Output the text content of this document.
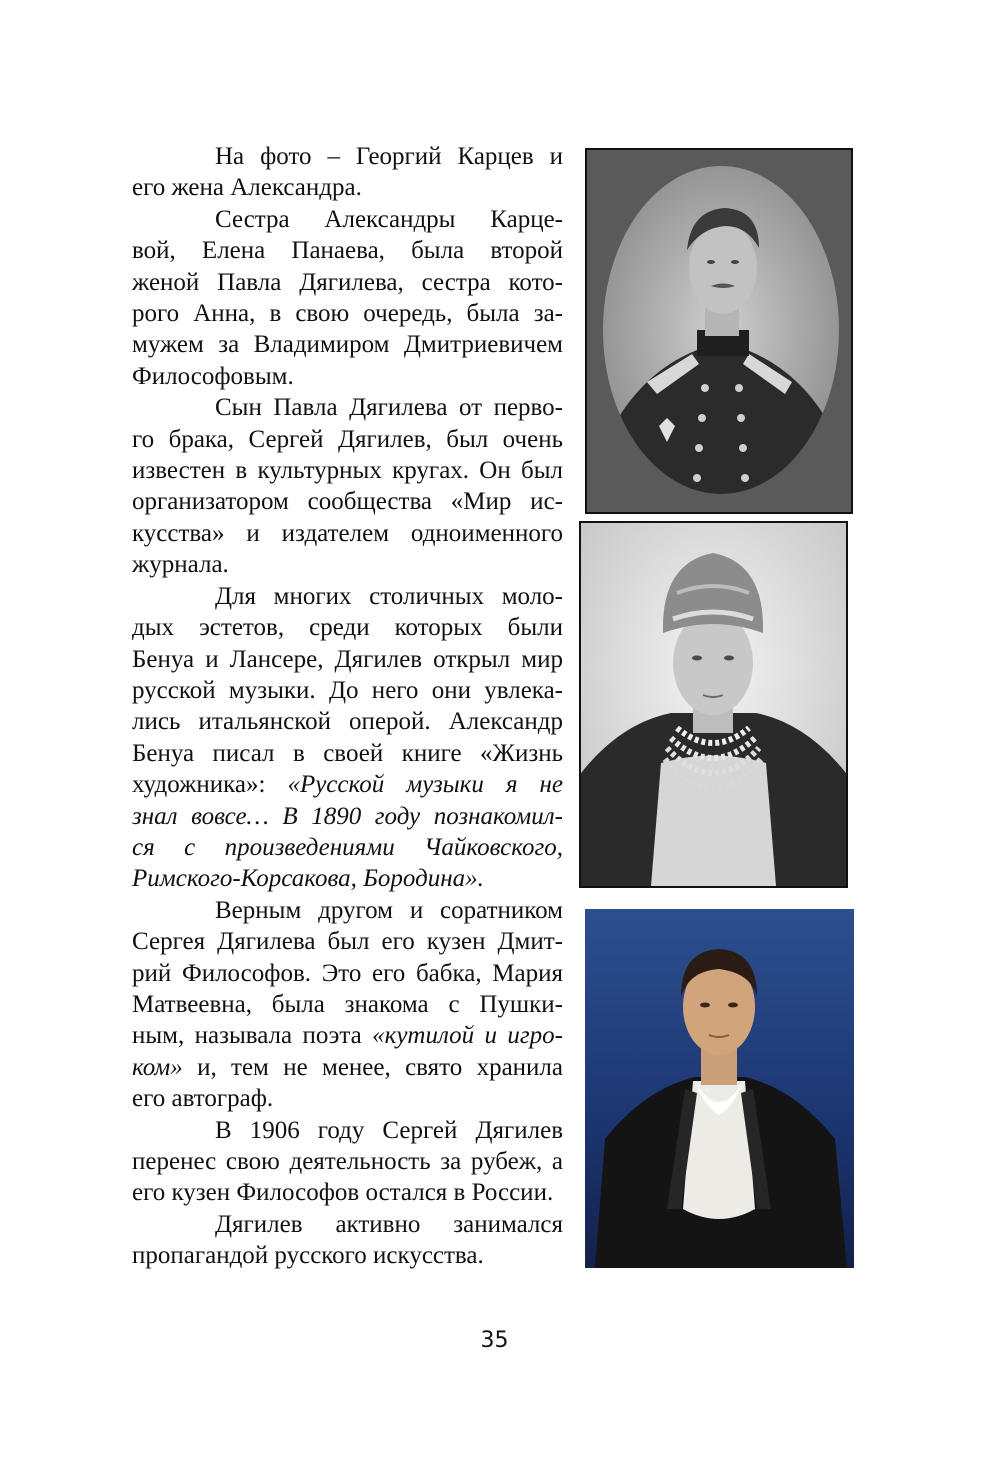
На фото – Георгий Карцев и
его жена Александра.

Сестра Александры Карце-
вой, Елена Панаева, была второй
женой Павла Дягилева, сестра кото-
рого Анна, в свою очередь, была за-
мужем за Владимиром Дмитриевичем
Философовым.

Сын Павла Дягилева от перво-
го брака, Сергей Дягилев, был очень
известен в культурных кругах. Он был
организатором сообщества «Мир ис-
кусства» и издателем одноименного
журнала.

Для многих столичных моло-
дых эстетов, среди которых были
Бенуа и Лансере, Дягилев открыл мир
русской музыки. До него они увлека-
лись итальянской оперой. Александр
Бенуа писал в своей книге «Жизнь
художника»: «Русской музыки я не
знал вовсе… В 1890 году познакомил-
ся с произведениями Чайковского,
Римского-Корсакова, Бородина».

Верным другом и соратником
Сергея Дягилева был его кузен Дмит-
рий Философов. Это его бабка, Мария
Матвеевна, была знакома с Пушки-
ным, называла поэта «кутилой и игро-
ком» и, тем не менее, свято хранила
его автограф.

В 1906 году Сергей Дягилев
перенес свою деятельность за рубеж, а
его кузен Философов остался в России.

Дягилев активно занимался
пропагандой русского искусства.

35
